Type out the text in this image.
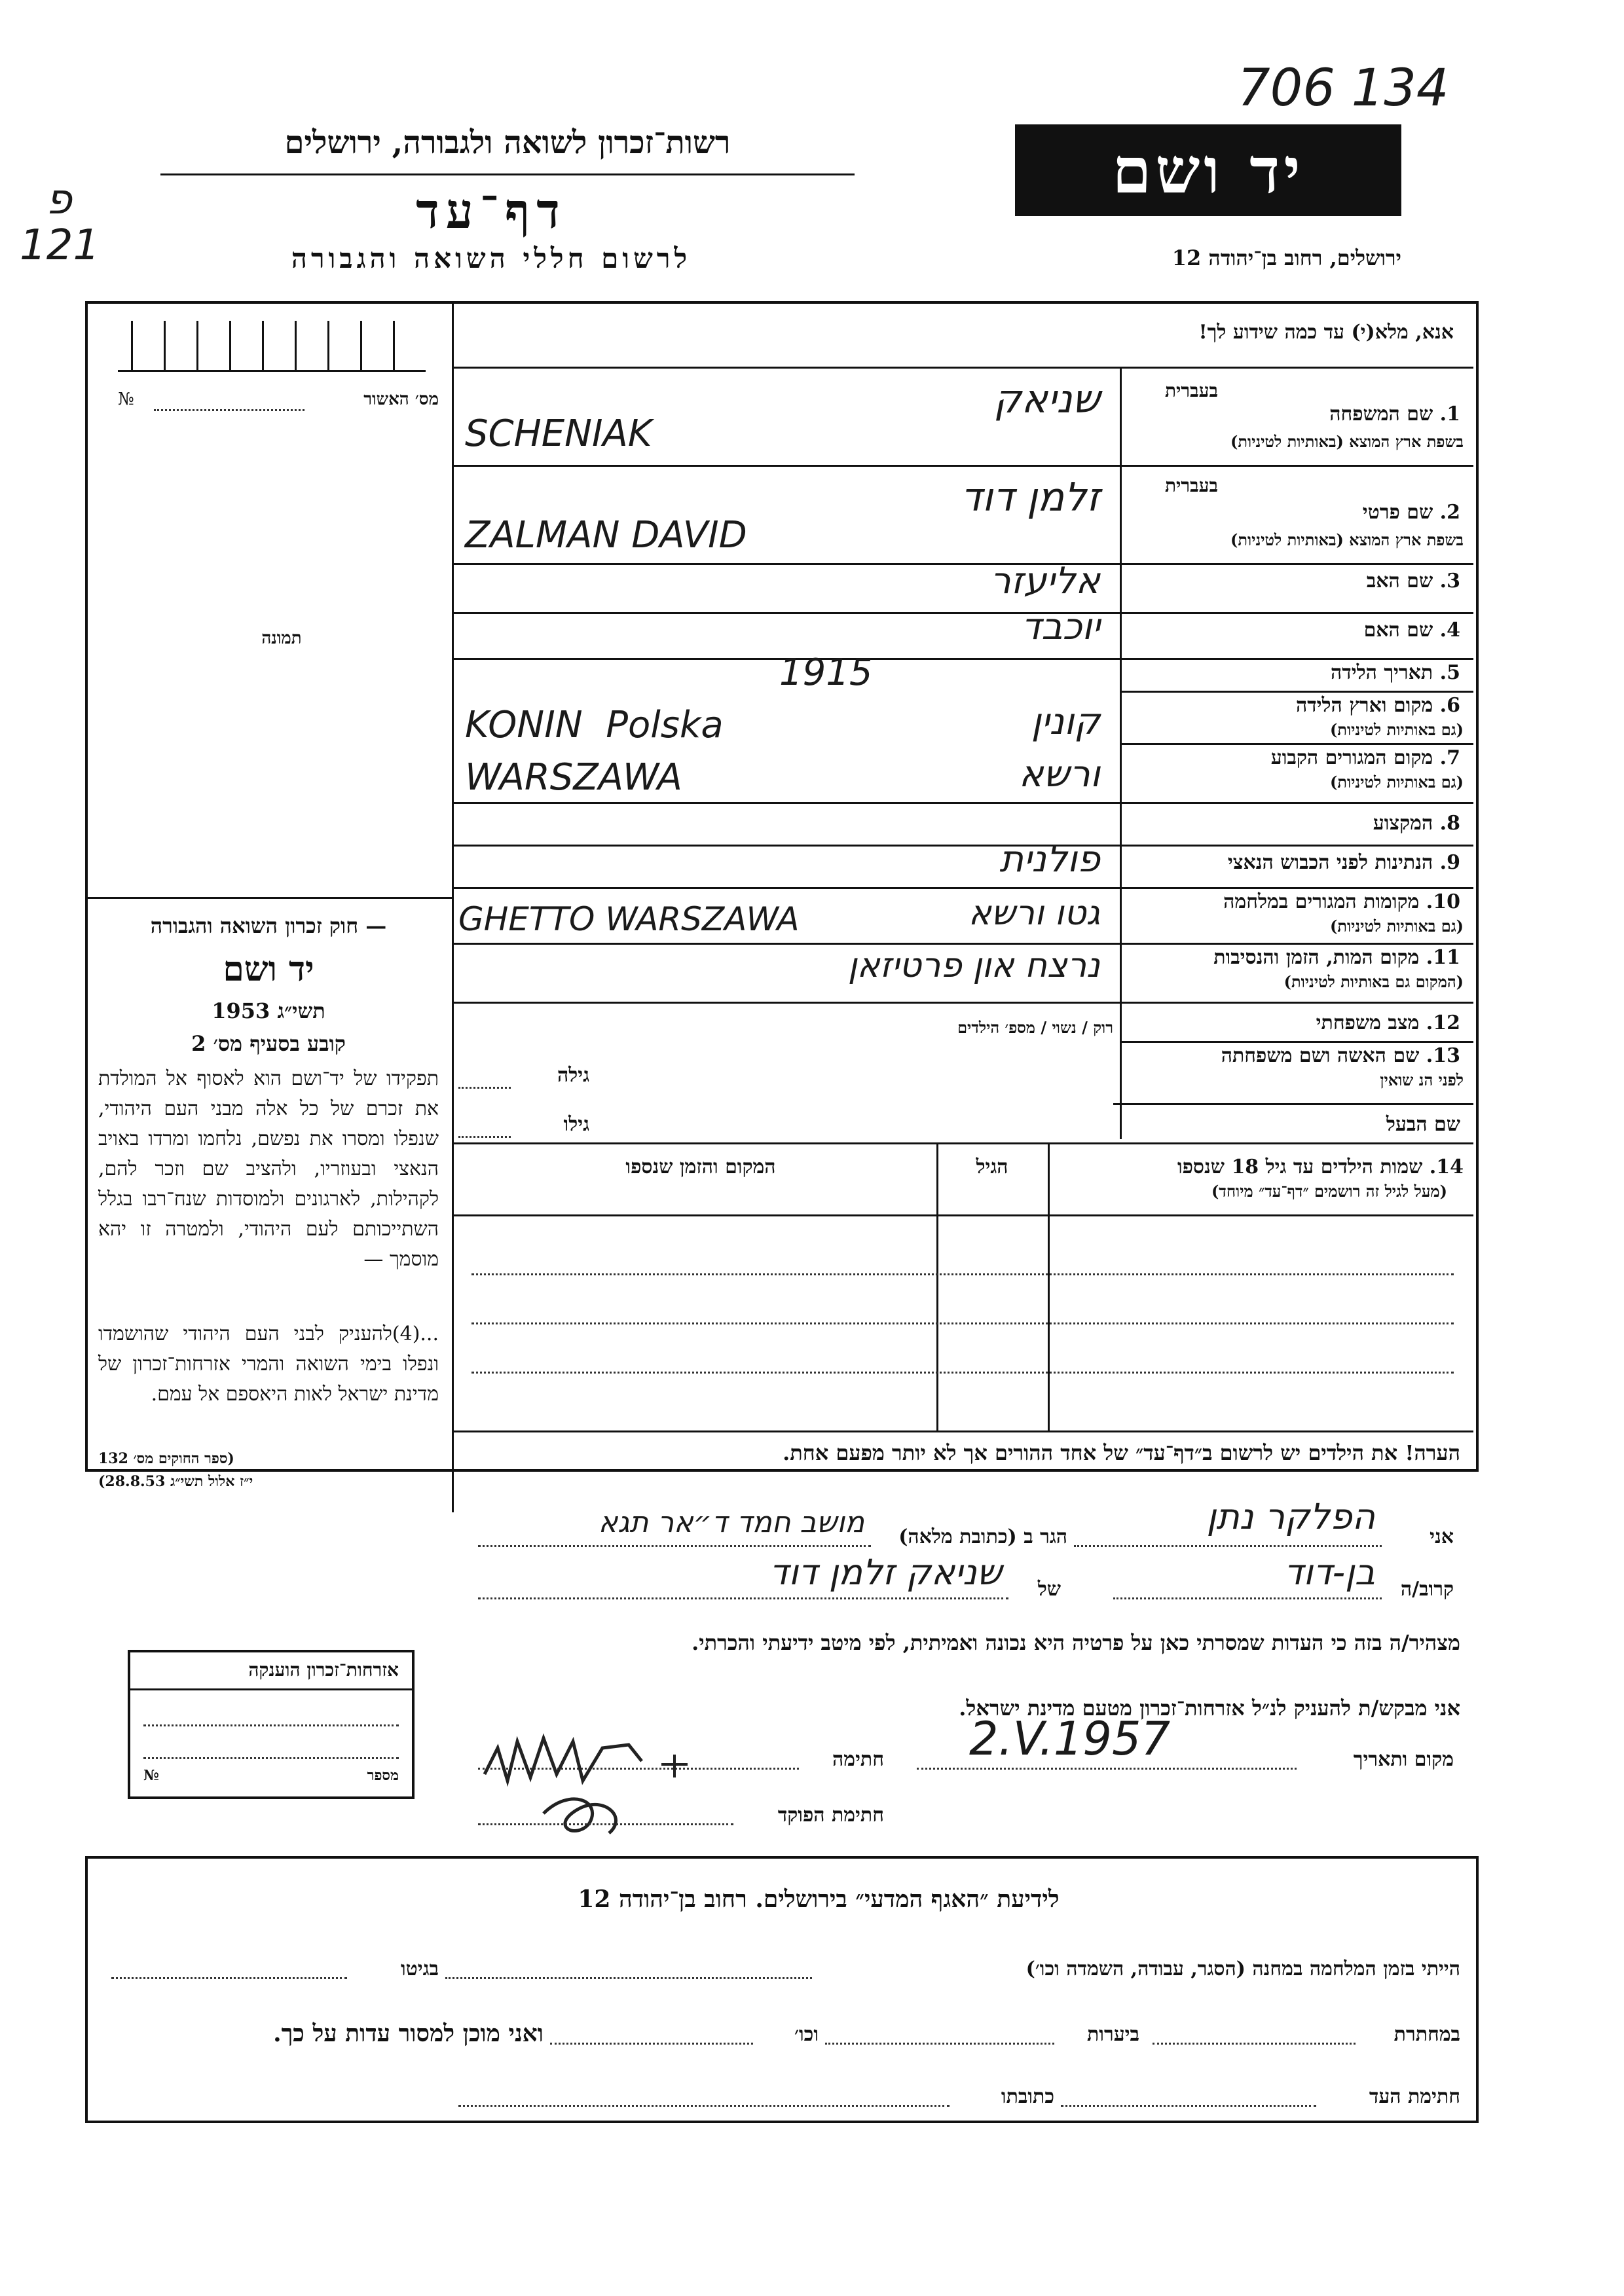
706 134
פ 121
רשות־זכרון לשואה ולגבורה, ירושלים
דף־עד
לרשום חללי השואה והגבורה
יד ושם
ירושלים, רחוב בן־יהודה 12
מס׳ האשור
№
תמונה
— חוק זכרון השואה והגבורה
יד ושם
1953 תשי״ג
קובע בסעיף מס׳ 2
תפקידו של יד־ושם הוא לאסוף אל המולדת את זכרם של כל אלה מבני העם היהודי, שנפלו ומסרו את נפשם, נלחמו ומרדו באויב הנאצי ובעוזריו, ולהציב שם וזכר להם, לקהילות, לארגונים ולמוסדות שנח־רבו בגלל השתייכותם לעם היהודי, ולמטרה זו יהא מוסמך —
...(4)להעניק לבני העם היהודי שהושמדו ונפלו בימי השואה והמרי אזרחות־זכרון של מדינת ישראל לאות היאספם אל עמם.
(ספר החוקים מס׳ 132
י״ז אלול תשי״ג 28.8.53)
אנא, מלא(י) עד כמה שידוע לך!
בעברית
1. שם המשפחה
בשפת ארץ המוצא (באותיות לטיניות)
שניאק
SCHENIAK
בעברית
2. שם פרטי
בשפת ארץ המוצא (באותיות לטיניות)
זלמן דוד
ZALMAN DAVID
3. שם האב
אליעזר
4. שם האם
יוכבד
5. תאריך הלידה
1915
6. מקום וארץ הלידה
(גם באותיות לטיניות)
קונין
KONIN  Polska
7. מקום המגורים הקבוע
(גם באותיות לטיניות)
ורשא
WARSZAWA
8. המקצוע
9. הנתינות לפני הכבוש הנאצי
פולנית
10. מקומות המגורים במלחמה
(גם באותיות לטיניות)
גטו ורשא
GHETTO WARSZAWA
11. מקום המות, הזמן והנסיבות
(המקום גם באותיות לטיניות)
נרצח און פרטיזאן
12. מצב משפחתי
רוק / נשוי / מספ׳ הילדים
13. שם האשה ושם משפחתה
לפני הנ שואין
גילה
שם הבעל
גילו
14. שמות הילדים עד גיל 18 שנספו
(מעל לגיל זה רושמים ״דף־עד״ מיוחד)
הגיל
המקום והזמן שנספו
הערה! את הילדים יש לרשום ב״דף־עד״ של אחד ההורים אך לא יותר מפעם אחת.
אני
הפלקר נתן
הגר ב (כתובת מלאה)
מושב חמד ד״אר תגא
קרוב/ה
בן-דוד
של
שניאק זלמן דוד
מצהיר/ה בזה כי העדות שמסרתי כאן על פרטיה היא נכונה ואמיתית, לפי מיטב ידיעתי והכרתי.
אני מבקש/ת להעניק לנ״ל אזרחות־זכרון מטעם מדינת ישראל.
מקום ותאריך
2.V.1957
חתימה
חתימת הפוקד
אזרחות־זכרון הוענקה
מספר
№
לידיעת ״האגף המדעי״ בירושלים. רחוב בן־יהודה 12
הייתי בזמן המלחמה במחנה (הסגר, עבודה, השמדה וכו׳)
בגיטו
במחתרת
ביערות
וכו׳
ואני מוכן למסור עדות על כך.
חתימת העד
כתובתו
